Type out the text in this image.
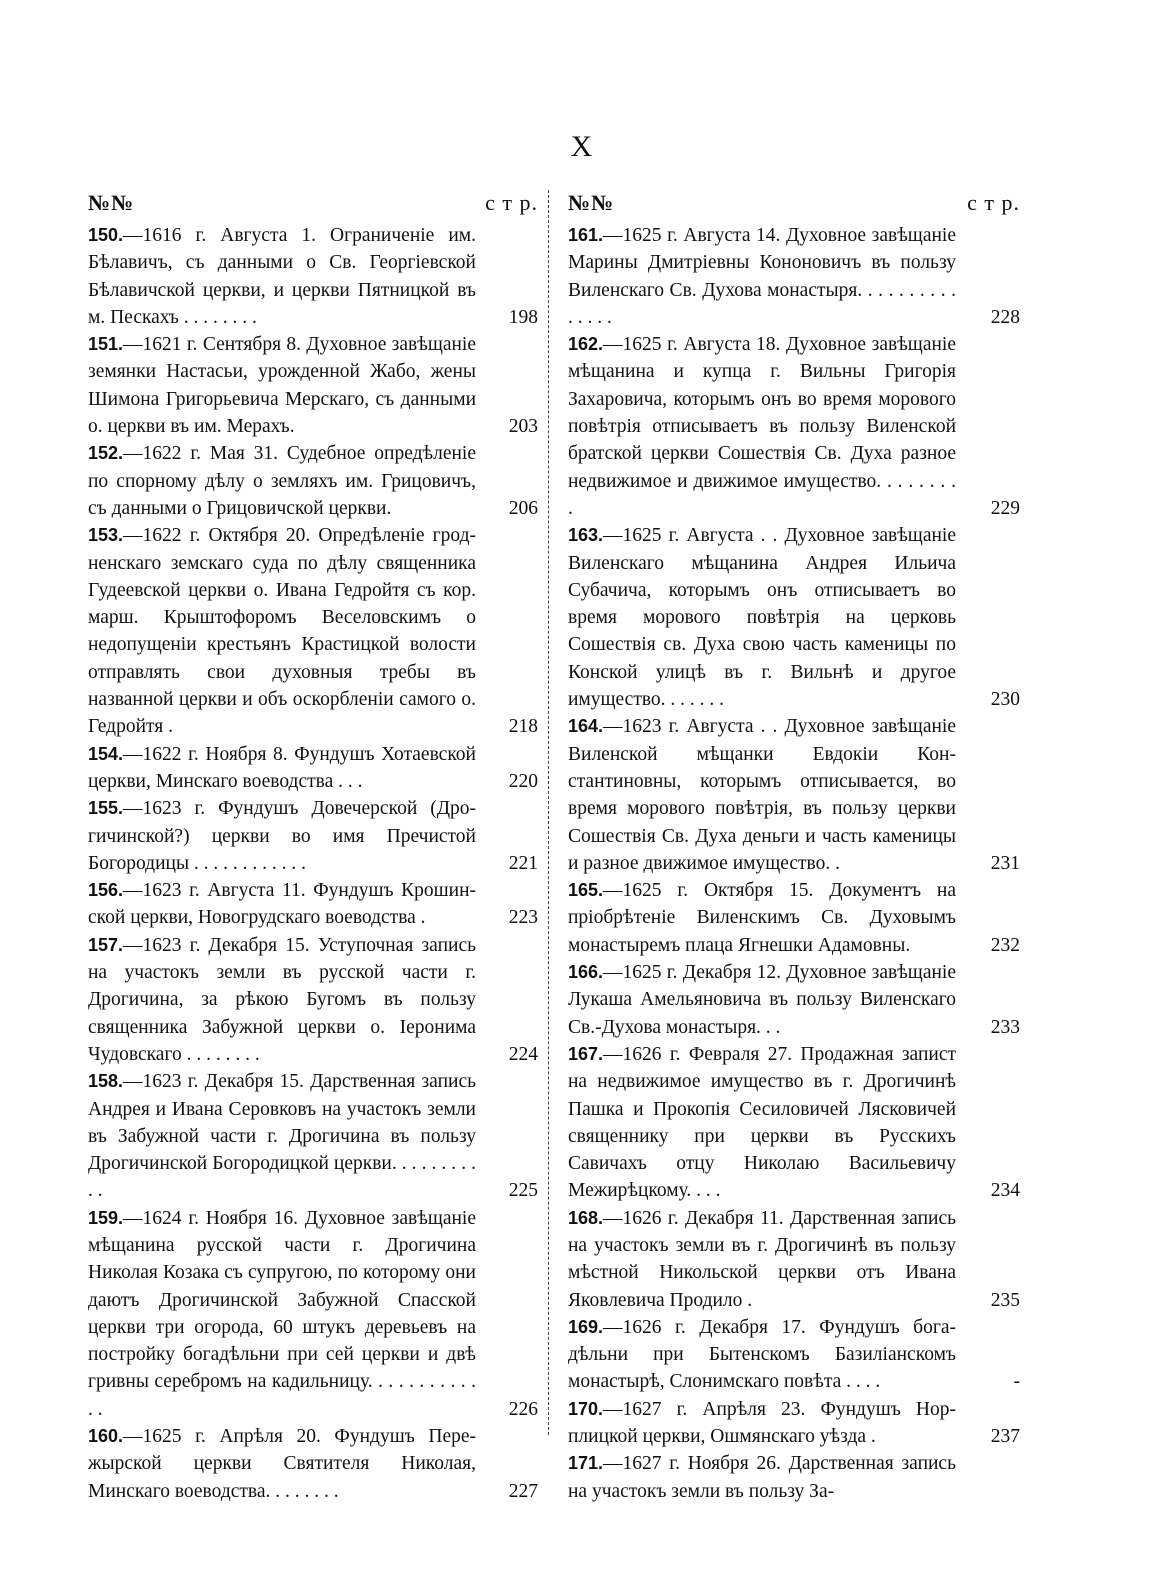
X
№№	с т р.
150.—1616 г. Августа 1. Ограниченіе им. Бѣлавичъ, съ данными о Св. Георгіевской Бѣлавичской церкви, и церкви Пятницкой въ м. Пескахъ . . . . . . . .	198
151.—1621 г. Сентября 8. Духовное завѣщаніе земянки Настасьи, урожденной Жабо, жены Шимона Григорьевича Мерскаго, съ данными о. церкви въ им. Мерахъ.	203
152.—1622 г. Мая 31. Судебное опредѣленіе по спорному дѣлу о земляхъ им. Грицовичъ, съ данными о Грицовичской церкви.	206
153.—1622 г. Октября 20. Опредѣленіе гродненскаго земскаго суда по дѣлу священника Гудеевской церкви о. Ивана Гедройтя съ кор. марш. Крыштофоромъ Веселовскимъ о недопущеніи крестьянъ Крастицкой волости отправлять свои духовныя требы въ названной церкви и объ оскорбленіи самого о. Гедройтя .	218
154.—1622 г. Ноября 8. Фундушъ Хотаевской церкви, Минскаго воеводства . . .	220
155.—1623 г. Фундушъ Довечерской (Дрогичинской?) церкви во имя Пречистой Богородицы . . . . . . . . . . . .	221
156.—1623 г. Августа 11. Фундушъ Крошинской церкви, Новогрудскаго воеводства .	223
157.—1623 г. Декабря 15. Уступочная запись на участокъ земли въ русской части г. Дрогичина, за рѣкою Бугомъ въ пользу священника Забужной церкви о. Іеронима Чудовскаго . . . . . . . .	224
158.—1623 г. Декабря 15. Дарственная запись Андрея и Ивана Серовковъ на участокъ земли въ Забужной части г. Дрогичина въ пользу Дрогичинской Богородицкой церкви. . . . . . . . . . .	225
159.—1624 г. Ноября 16. Духовное завѣщаніе мѣщанина русской части г. Дрогичина Николая Козака съ супругою, по которому они даютъ Дрогичинской Забужной Спасской церкви три огорода, 60 штукъ деревьевъ на постройку богадѣльни при сей церкви и двѣ гривны серебромъ на кадильницу. . . . . . . . . . . . .	226
160.—1625 г. Апрѣля 20. Фундушъ Пережырской церкви Святителя Николая, Минскаго воеводства. . . . . . . .	227
№№	с т р.
161.—1625 г. Августа 14. Духовное завѣщаніе Марины Дмитріевны Кононовичъ въ пользу Виленскаго Св. Духова монастыря. . . . . . . . . . . . . . .	228
162.—1625 г. Августа 18. Духовное завѣщаніе мѣщанина и купца г. Вильны Григорія Захаровича, которымъ онъ во время морового повѣтрія отписываетъ въ пользу Виленской братской церкви Сошествія Св. Духа разное недвижимое и движимое имущество. . . . . . . . .	229
163.—1625 г. Августа . . Духовное завѣщаніе Виленскаго мѣщанина Андрея Ильича Субачича, которымъ онъ отписываетъ во время морового повѣтрія на церковь Сошествія св. Духа свою часть каменицы по Конской улицѣ въ г. Вильнѣ и другое имущество. . . . . . .	230
164.—1623 г. Августа . . Духовное завѣщаніе Виленской мѣщанки Евдокіи Константиновны, которымъ отписывается, во время морового повѣтрія, въ пользу церкви Сошествія Св. Духа деньги и часть каменицы и разное движимое имущество. .	231
165.—1625 г. Октября 15. Документъ на пріобрѣтеніе Виленскимъ Св. Духовымъ монастыремъ плаца Ягнешки Адамовны.	232
166.—1625 г. Декабря 12. Духовное завѣщаніе Лукаша Амельяновича въ пользу Виленскаго Св.-Духова монастыря. . .	233
167.—1626 г. Февраля 27. Продажная запист на недвижимое имущество въ г. Дрогичинѣ Пашка и Прокопія Сесиловичей Лясковичей священнику при церкви въ Русскихъ Савичахъ отцу Николаю Васильевичу Межирѣцкому. . . .	234
168.—1626 г. Декабря 11. Дарственная запись на участокъ земли въ г. Дрогичинѣ въ пользу мѣстной Никольской церкви отъ Ивана Яковлевича Продило .	235
169.—1626 г. Декабря 17. Фундушъ богадѣльни при Бытенскомъ Базиліанскомъ монастырѣ, Слонимскаго повѣта . . . .	-
170.—1627 г. Апрѣля 23. Фундушъ Норплицкой церкви, Ошмянскаго уѣзда .	237
171.—1627 г. Ноября 26. Дарственная запись на участокъ земли въ пользу За-
